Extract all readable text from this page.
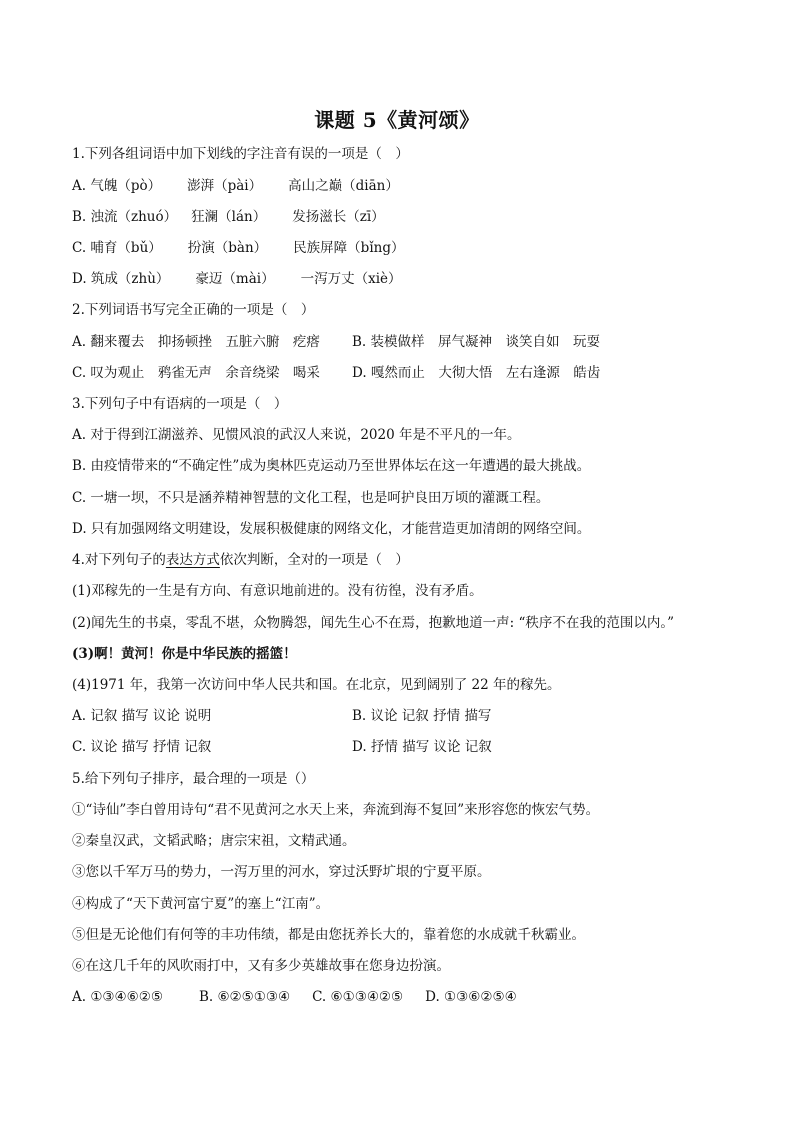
课题 5《黄河颂》
1.下列各组词语中加下划线的字注音有误的一项是（　）
A. 气魄（pò） 澎湃（pài） 高山之巅（diān）
B. 浊流（zhuó） 狂澜（lán） 发扬滋长（zī）
C. 哺育（bǔ） 扮演（bàn） 民族屏障（bǐng）
D. 筑成（zhù） 豪迈（mài） 一泻万丈（xiè）
2.下列词语书写完全正确的一项是（　）
A. 翻来覆去　抑扬顿挫　五脏六腑　疙瘩 B. 装模做样　屏气凝神　谈笑自如　玩耍
C. 叹为观止　鸦雀无声　余音绕梁　喝采 D. 嘎然而止　大彻大悟　左右逢源　皓齿
3.下列句子中有语病的一项是（　）
A. 对于得到江湖滋养、见惯风浪的武汉人来说，2020 年是不平凡的一年。
B. 由疫情带来的“不确定性”成为奥林匹克运动乃至世界体坛在这一年遭遇的最大挑战。
C. 一塘一坝，不只是涵养精神智慧的文化工程，也是呵护良田万顷的灌溉工程。
D. 只有加强网络文明建设，发展积极健康的网络文化，才能营造更加清朗的网络空间。
4.对下列句子的表达方式依次判断，全对的一项是（　）
(1)邓稼先的一生是有方向、有意识地前进的。没有彷徨，没有矛盾。
(2)闻先生的书桌，零乱不堪，众物腾怨，闻先生心不在焉，抱歉地道一声: “秩序不在我的范围以内。”
(3)啊！黄河！你是中华民族的摇篮！
(4)1971 年，我第一次访问中华人民共和国。在北京，见到阔别了 22 年的稼先。
A. 记叙 描写 议论 说明	B. 议论 记叙 抒情 描写
C. 议论 描写 抒情 记叙	D. 抒情 描写 议论 记叙
5.给下列句子排序，最合理的一项是（）
①“诗仙”李白曾用诗句“君不见黄河之水天上来，奔流到海不复回”来形容您的恢宏气势。
②秦皇汉武，文韬武略；唐宗宋祖，文精武通。
③您以千军万马的势力，一泻万里的河水，穿过沃野圹垠的宁夏平原。
④构成了“天下黄河富宁夏”的塞上“江南”。
⑤但是无论他们有何等的丰功伟绩，都是由您抚养长大的，靠着您的水成就千秋霸业。
⑥在这几千年的风吹雨打中，又有多少英雄故事在您身边扮演。
A. ①③④⑥②⑤	B. ⑥②⑤①③④ C. ⑥①③④②⑤ D. ①③⑥②⑤④
